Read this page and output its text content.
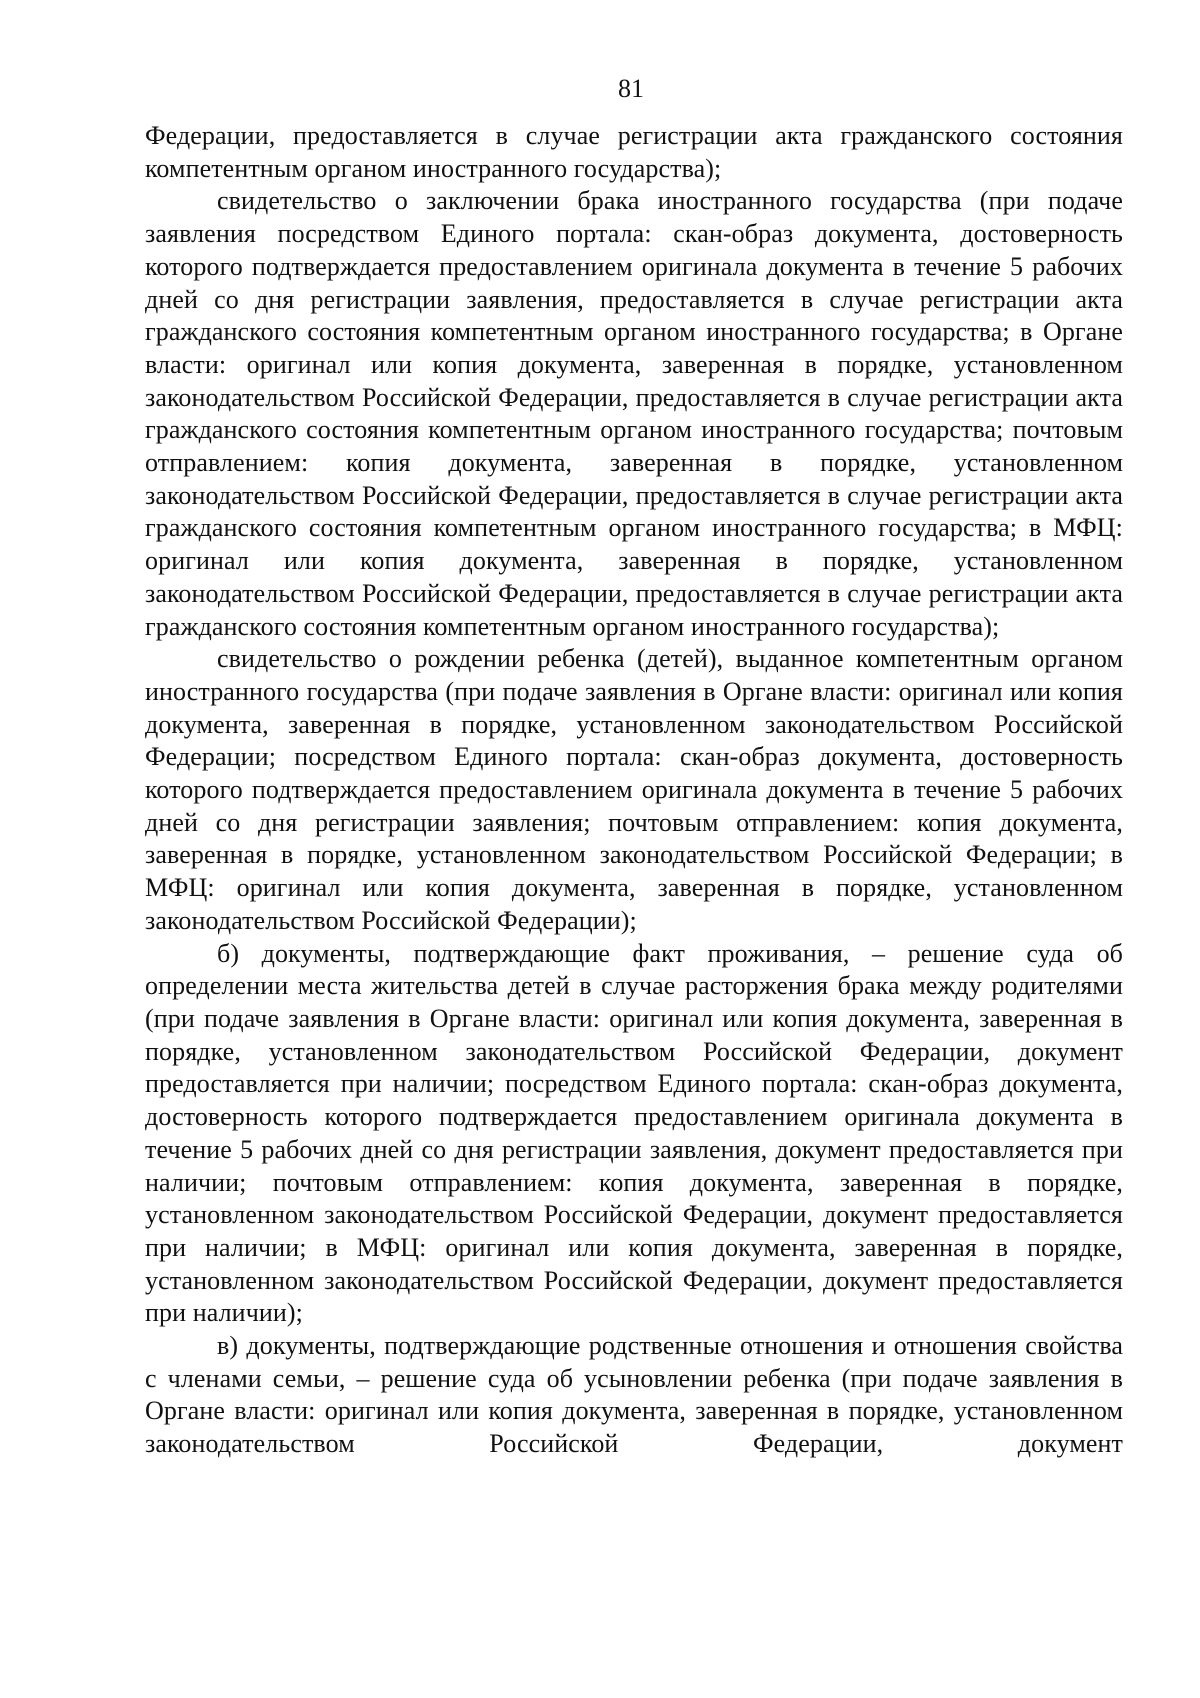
81

Федерации, предоставляется в случае регистрации акта гражданского состояния компетентным органом иностранного государства);

свидетельство о заключении брака иностранного государства (при подаче заявления посредством Единого портала: скан-образ документа, достоверность которого подтверждается предоставлением оригинала документа в течение 5 рабочих дней со дня регистрации заявления, предоставляется в случае регистрации акта гражданского состояния компетентным органом иностранного государства; в Органе власти: оригинал или копия документа, заверенная в порядке, установленном законодательством Российской Федерации, предоставляется в случае регистрации акта гражданского состояния компетентным органом иностранного государства; почтовым отправлением: копия документа, заверенная в порядке, установленном законодательством Российской Федерации, предоставляется в случае регистрации акта гражданского состояния компетентным органом иностранного государства; в МФЦ: оригинал или копия документа, заверенная в порядке, установленном законодательством Российской Федерации, предоставляется в случае регистрации акта гражданского состояния компетентным органом иностранного государства);

свидетельство о рождении ребенка (детей), выданное компетентным органом иностранного государства (при подаче заявления в Органе власти: оригинал или копия документа, заверенная в порядке, установленном законодательством Российской Федерации; посредством Единого портала: скан-образ документа, достоверность которого подтверждается предоставлением оригинала документа в течение 5 рабочих дней со дня регистрации заявления; почтовым отправлением: копия документа, заверенная в порядке, установленном законодательством Российской Федерации; в МФЦ: оригинал или копия документа, заверенная в порядке, установленном законодательством Российской Федерации);

б) документы, подтверждающие факт проживания, – решение суда об определении места жительства детей в случае расторжения брака между родителями (при подаче заявления в Органе власти: оригинал или копия документа, заверенная в порядке, установленном законодательством Российской Федерации, документ предоставляется при наличии; посредством Единого портала: скан-образ документа, достоверность которого подтверждается предоставлением оригинала документа в течение 5 рабочих дней со дня регистрации заявления, документ предоставляется при наличии; почтовым отправлением: копия документа, заверенная в порядке, установленном законодательством Российской Федерации, документ предоставляется при наличии; в МФЦ: оригинал или копия документа, заверенная в порядке, установленном законодательством Российской Федерации, документ предоставляется при наличии);

в) документы, подтверждающие родственные отношения и отношения свойства с членами семьи, – решение суда об усыновлении ребенка (при подаче заявления в Органе власти: оригинал или копия документа, заверенная в порядке, установленном законодательством Российской Федерации, документ
